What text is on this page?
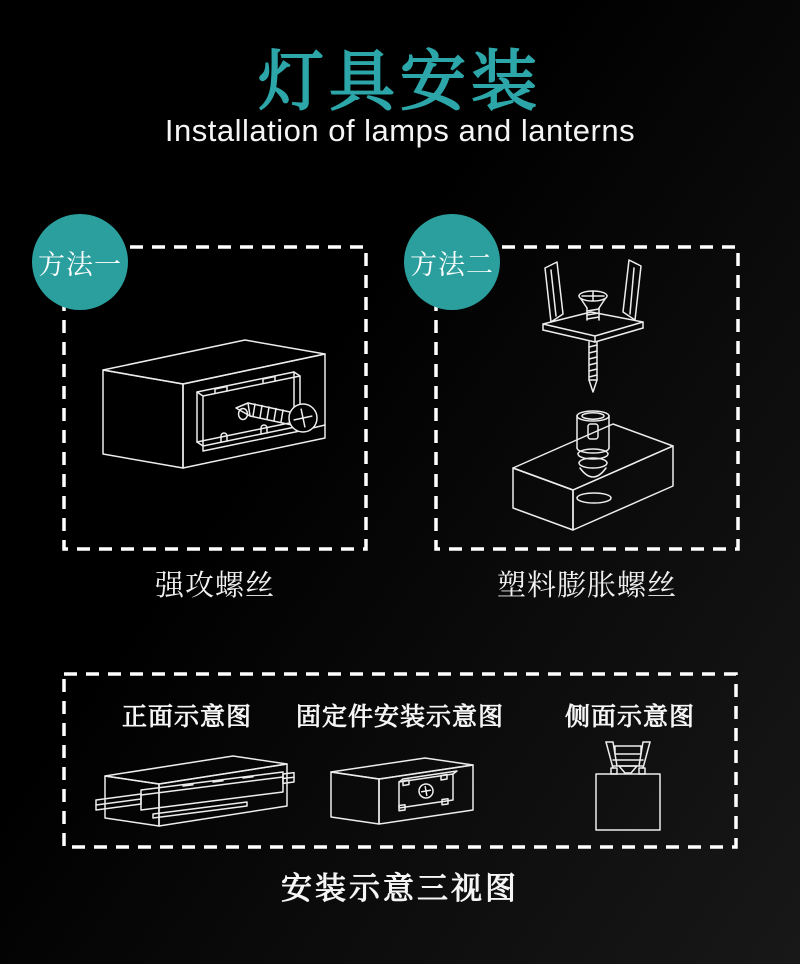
灯具安装

Installation of lamps and lanterns

方法一

强攻螺丝

方法二

塑料膨胀螺丝

正面示意图 固定件安装示意图 侧面示意图

安装示意三视图
